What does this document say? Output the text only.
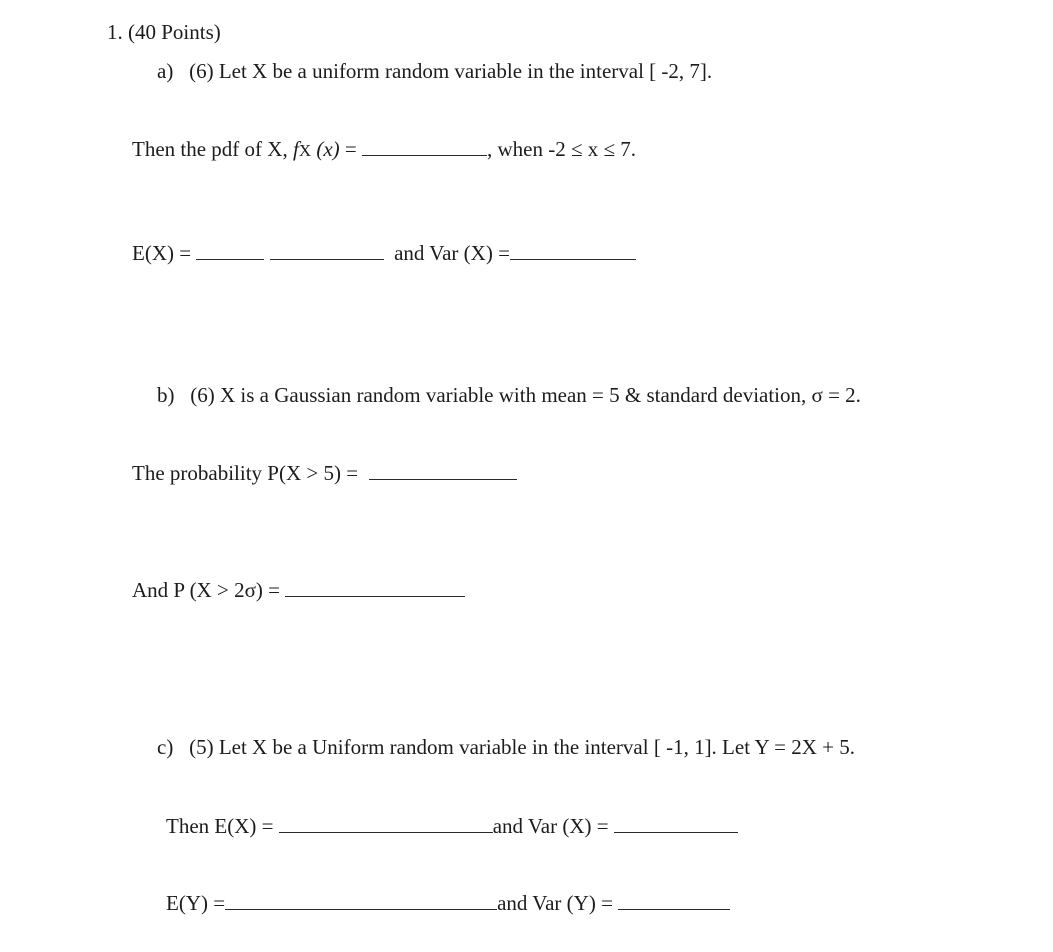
1. (40 Points)
a) (6) Let X be a uniform random variable in the interval [ -2, 7].
Then the pdf of X, fX (x) =	, when -2 ≤ x ≤ 7.
E(X) =	and Var (X) =
b) (6) X is a Gaussian random variable with mean = 5 & standard deviation, σ = 2.
The probability P(X > 5) =
And P (X > 2σ) =
c) (5) Let X be a Uniform random variable in the interval [ -1, 1]. Let Y = 2X + 5.
Then E(X) =	and Var (X) =
E(Y) =	and Var (Y) =
